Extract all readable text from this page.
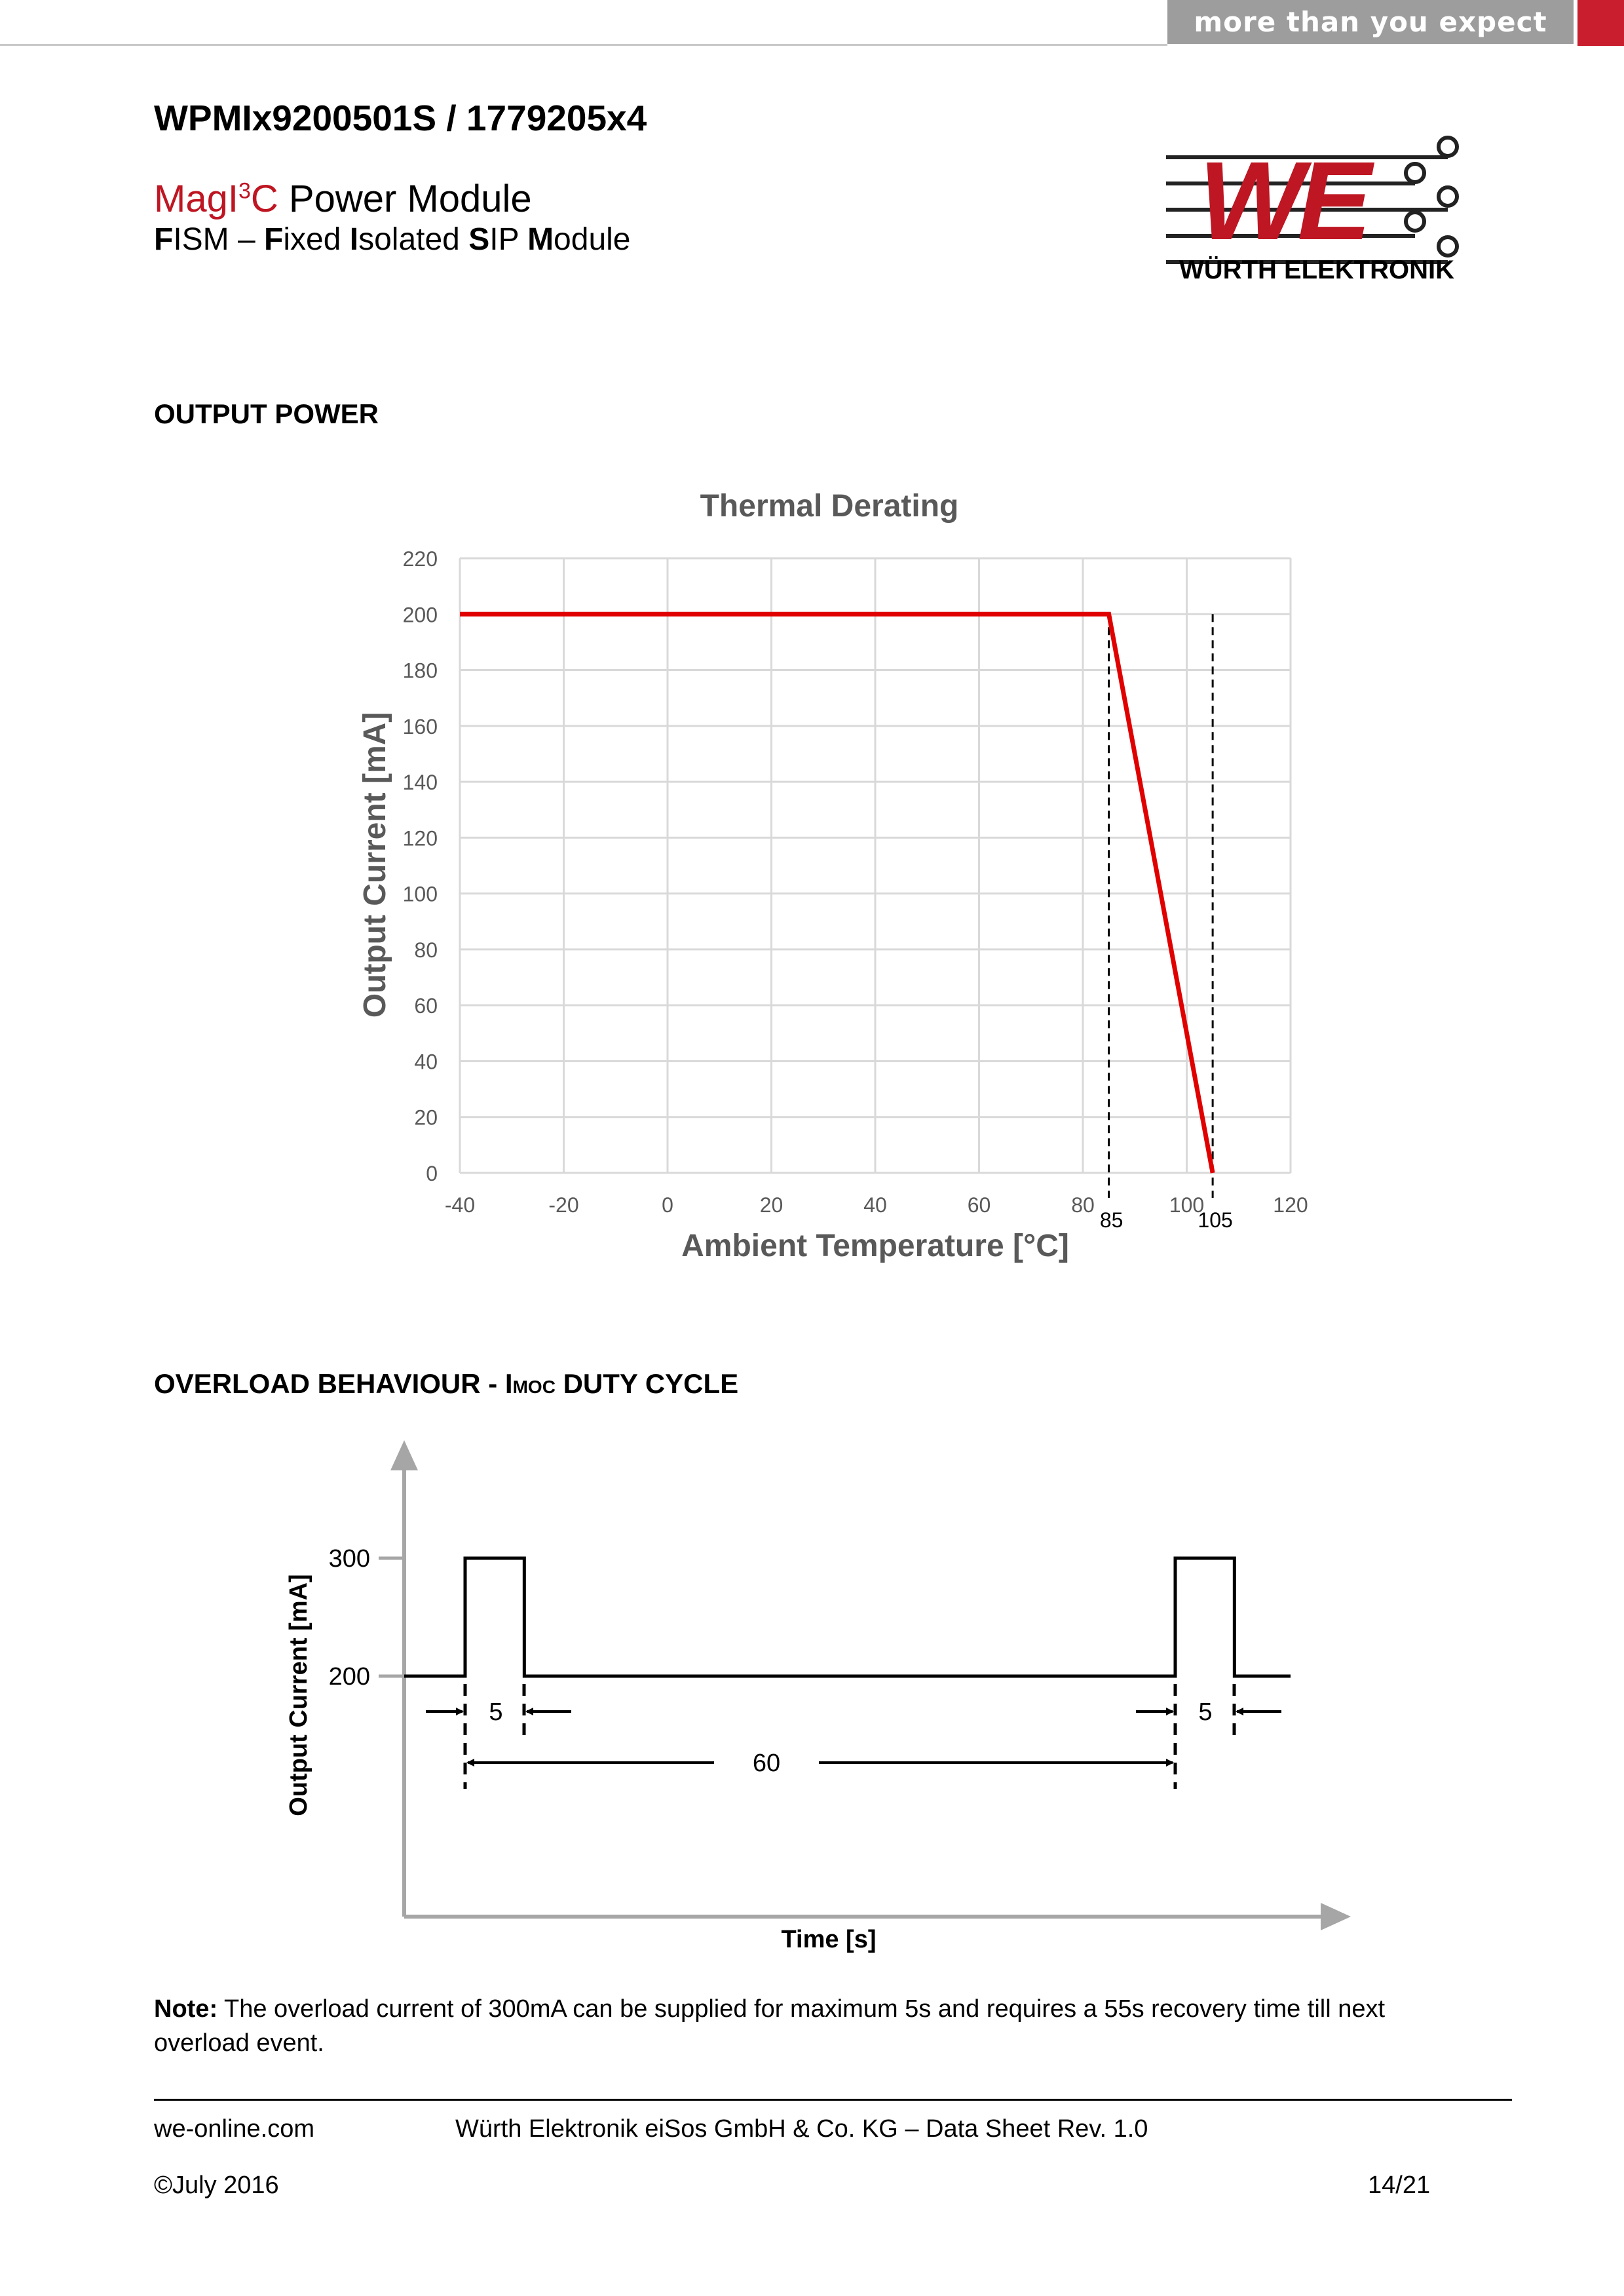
more than you expect
WPMIx9200501S / 1779205x4
MagI$^3$C Power Module
FISM – Fixed Isolated SIP Module	WE
WÜRTH ELEKTRONIK
OUTPUT POWER
Thermal Derating
0
20
40
60
80
100
120
140
160
180
200
220
-40	-20	0	20	40	60	80	100	120
85	105
Output Current [mA]
Ambient Temperature [°C]
OVERLOAD BEHAVIOUR - IMOC DUTY CYCLE
300
200
Output Current [mA]
Time [s]
5
60
5
Note: The overload current of 300mA can be supplied for maximum 5s and requires a 55s recovery time till next overload event.
we-online.com	Würth Elektronik eiSos GmbH & Co. KG – Data Sheet Rev. 1.0
©July 2016	14/21
